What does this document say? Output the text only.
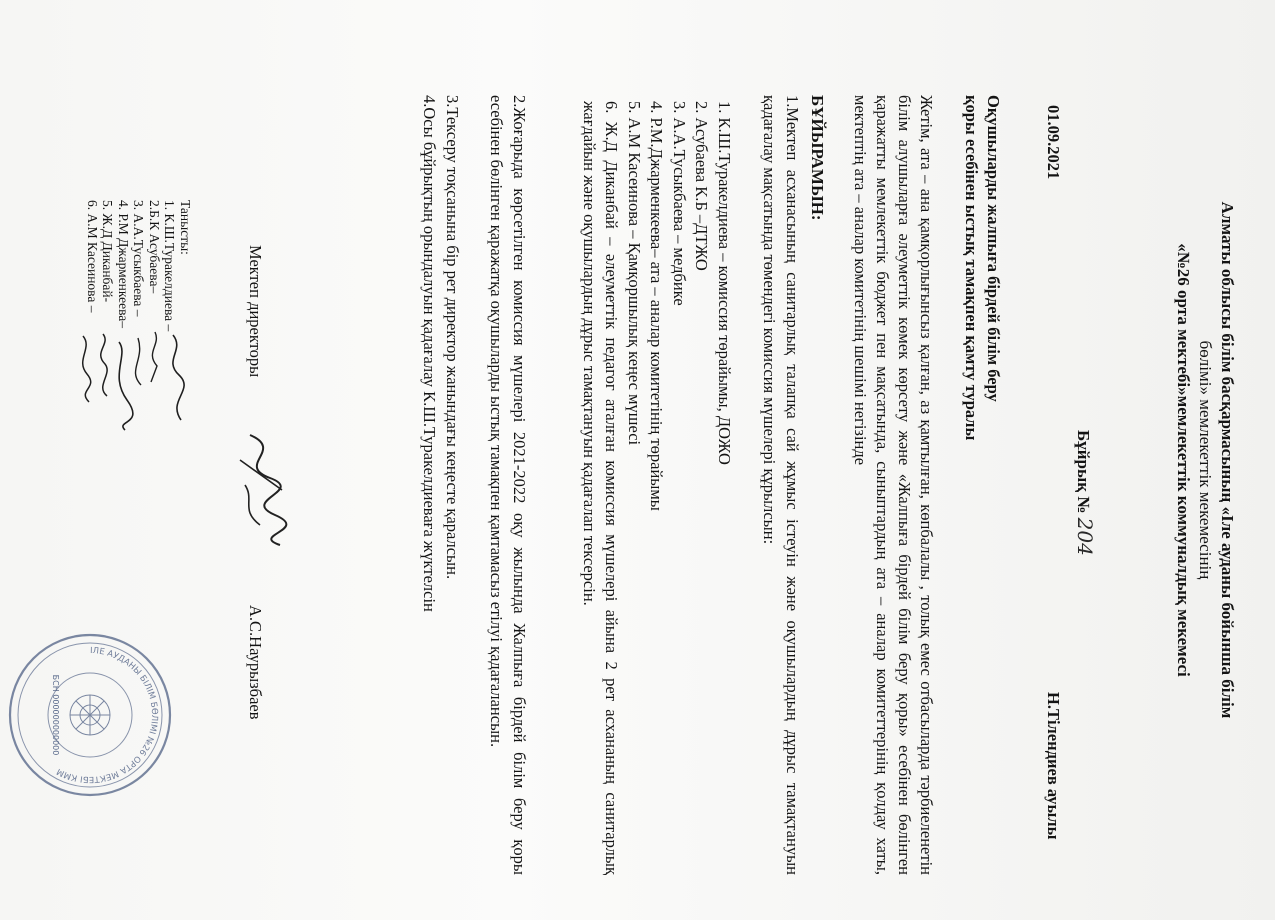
Алматы облысы білім басқармасының «Іле ауданы бойынша білім
бөлімі» мемлекеттік мекемесінің
«№26 орта мектебі»мемлекеттік коммуналдық мекемесі
Бұйрық № 204
01.09.2021
Н.Тілендиев ауылы
Оқушыларды жалпыға бірдей білім беру
қоры есебінен ыстық тамақпен қамту туралы
Жетім, ата – ана қамқорлығынсыз қалған, аз қамтылған, көпбалалы , толық емес отбасыларда тәрбиеленетін білім алушыларға әлеуметтік көмек көрсету және «Жалпыға бірдей білім беру қоры» есебінен бөлінген қаражатты мемлекеттік бюджет пен мақсатында, сыныптардың ата – аналар комитеттерінің қолдау хаты, мектептің ата – аналар комитетінің шешімі негізінде
БҰЙЫРАМЫН:
1.Мектеп асханасының санитарлық талапқа сай жұмыс істеуін және оқушылардың дұрыс тамақтануын қадағалау мақсатында төмендегі комиссия мүшелері құрылсын:
1. К.Ш.Туракелдиева – комиссия төрайымы, ДОЖО
2. Асубаева К.Б –ДТЖО
3. А.А.Тусыкбаева – медбике
4. Р.М.Джарменкеева– ата – аналар комитетінің төрайымы
5. А.М Касеинова – Қамқоршылық кеңес мүшесі
6. Ж.Д Диканбай – әлеуметтік педагог аталған комиссия мүшелері айына 2 рет асхананың санитарлық жағдайын және оқушылардың дұрыс тамақтануын қадағалап тексерсін.
2.Жоғарыда көрсетілген комиссия мүшелері 2021-2022 оқу жылында Жалпыға бірдей білім беру қоры есебінен бөлінген қаражатқа оқушыларды ыстық тамақпен қамтамасыз етілуі қадағалансын.
3.Тексеру тоқсанына бір рет директор жанындағы кеңесте қаралсын.
4.Осы бұйрықтың орындалуын қадағалау К.Ш.Туракелдиеваға жүктелсін
Мектеп директоры
А.С.Наурызбаев
ІЛЕ АУДАНЫ БІЛІМ БӨЛІМІ №26 ОРТА МЕКТЕБІ КММ
БСН 000000000000
Танысты:
1. К.Ш.Туракелдиева –
2.Б.К Асубаева–
3. А.А.Тусыкбаева –
4. Р.М Джарменкеева–
5. Ж.Д Диканбай-
6. А.М Касеинова –
